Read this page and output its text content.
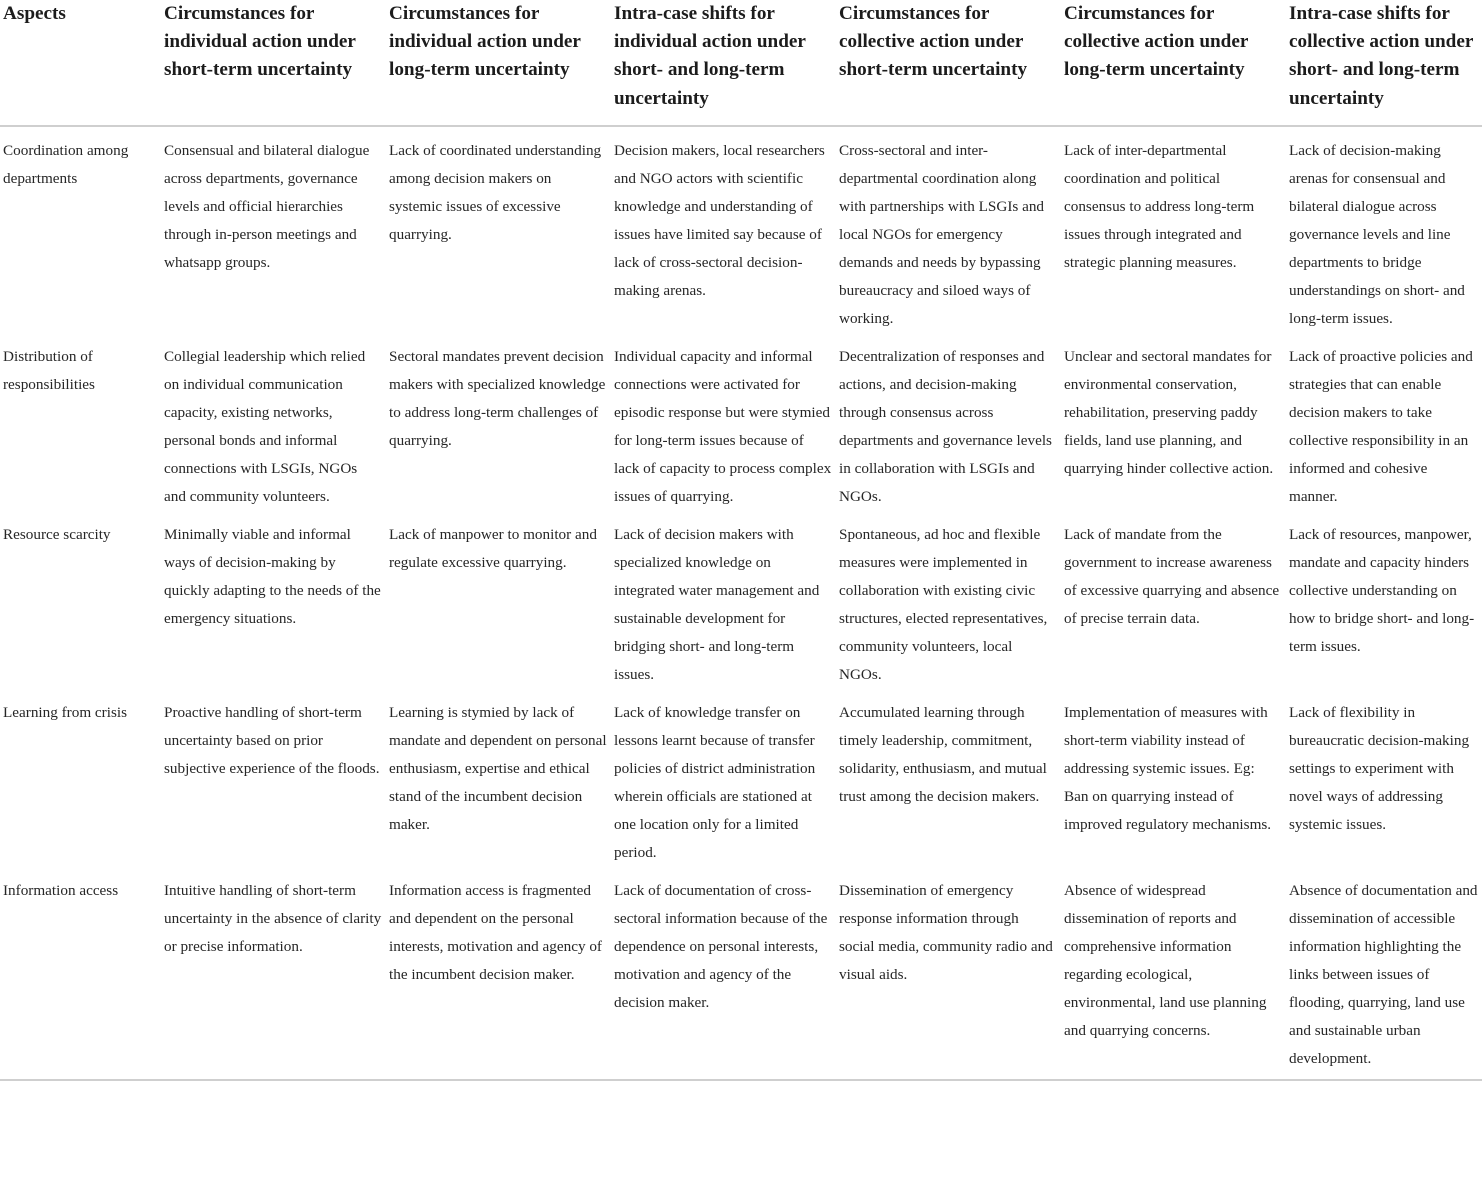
Aspects	Circumstances for individual action under short-term uncertainty	Circumstances for individual action under long-term uncertainty	Intra-case shifts for individual action under short- and long-term uncertainty	Circumstances for collective action under short-term uncertainty	Circumstances for collective action under long-term uncertainty	Intra-case shifts for collective action under short- and long-term uncertainty
Coordination among departments	Consensual and bilateral dialogue across departments, governance levels and official hierarchies through in-person meetings and whatsapp groups.	Lack of coordinated understanding among decision makers on systemic issues of excessive quarrying.	Decision makers, local researchers and NGO actors with scientific knowledge and understanding of issues have limited say because of lack of cross-sectoral decision-making arenas.	Cross-sectoral and inter-departmental coordination along with partnerships with LSGIs and local NGOs for emergency demands and needs by bypassing bureaucracy and siloed ways of working.	Lack of inter-departmental coordination and political consensus to address long-term issues through integrated and strategic planning measures.	Lack of decision-making arenas for consensual and bilateral dialogue across governance levels and line departments to bridge understandings on short- and long-term issues.
Distribution of responsibilities	Collegial leadership which relied on individual communication capacity, existing networks, personal bonds and informal connections with LSGIs, NGOs and community volunteers.	Sectoral mandates prevent decision makers with specialized knowledge to address long-term challenges of quarrying.	Individual capacity and informal connections were activated for episodic response but were stymied for long-term issues because of lack of capacity to process complex issues of quarrying.	Decentralization of responses and actions, and decision-making through consensus across departments and governance levels in collaboration with LSGIs and NGOs.	Unclear and sectoral mandates for environmental conservation, rehabilitation, preserving paddy fields, land use planning, and quarrying hinder collective action.	Lack of proactive policies and strategies that can enable decision makers to take collective responsibility in an informed and cohesive manner.
Resource scarcity	Minimally viable and informal ways of decision-making by quickly adapting to the needs of the emergency situations.	Lack of manpower to monitor and regulate excessive quarrying.	Lack of decision makers with specialized knowledge on integrated water management and sustainable development for bridging short- and long-term issues.	Spontaneous, ad hoc and flexible measures were implemented in collaboration with existing civic structures, elected representatives, community volunteers, local NGOs.	Lack of mandate from the government to increase awareness of excessive quarrying and absence of precise terrain data.	Lack of resources, manpower, mandate and capacity hinders collective understanding on how to bridge short- and long-term issues.
Learning from crisis	Proactive handling of short-term uncertainty based on prior subjective experience of the floods.	Learning is stymied by lack of mandate and dependent on personal enthusiasm, expertise and ethical stand of the incumbent decision maker.	Lack of knowledge transfer on lessons learnt because of transfer policies of district administration wherein officials are stationed at one location only for a limited period.	Accumulated learning through timely leadership, commitment, solidarity, enthusiasm, and mutual trust among the decision makers.	Implementation of measures with short-term viability instead of addressing systemic issues. Eg: Ban on quarrying instead of improved regulatory mechanisms.	Lack of flexibility in bureaucratic decision-making settings to experiment with novel ways of addressing systemic issues.
Information access	Intuitive handling of short-term uncertainty in the absence of clarity or precise information.	Information access is fragmented and dependent on the personal interests, motivation and agency of the incumbent decision maker.	Lack of documentation of cross-sectoral information because of the dependence on personal interests, motivation and agency of the decision maker.	Dissemination of emergency response information through social media, community radio and visual aids.	Absence of widespread dissemination of reports and comprehensive information regarding ecological, environmental, land use planning and quarrying concerns.	Absence of documentation and dissemination of accessible information highlighting the links between issues of flooding, quarrying, land use and sustainable urban development.
